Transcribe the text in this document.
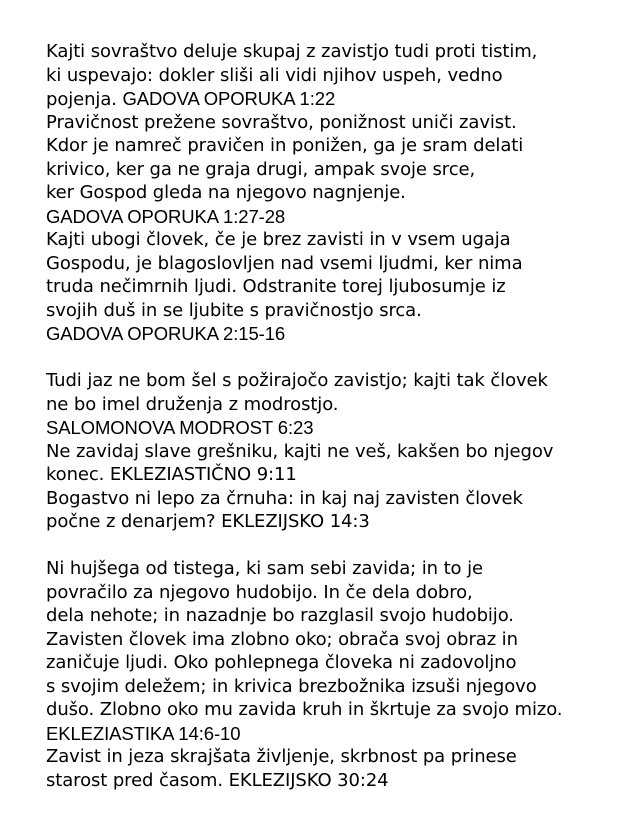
Kajti sovraštvo deluje skupaj z zavistjo tudi proti tistim,
ki uspevajo: dokler sliši ali vidi njihov uspeh, vedno
pojenja. GADOVA OPORUKA 1:22
Pravičnost prežene sovraštvo, ponižnost uniči zavist.
Kdor je namreč pravičen in ponižen, ga je sram delati
krivico, ker ga ne graja drugi, ampak svoje srce,
ker Gospod gleda na njegovo nagnjenje.
GADOVA OPORUKA 1:27-28
Kajti ubogi človek, če je brez zavisti in v vsem ugaja
Gospodu, je blagoslovljen nad vsemi ljudmi, ker nima
truda nečimrnih ljudi. Odstranite torej ljubosumje iz
svojih duš in se ljubite s pravičnostjo srca.
GADOVA OPORUKA 2:15-16
Tudi jaz ne bom šel s požirajočo zavistjo; kajti tak človek
ne bo imel druženja z modrostjo.
SALOMONOVA MODROST 6:23
Ne zavidaj slave grešniku, kajti ne veš, kakšen bo njegov
konec. EKLEZIASTIČNO 9:11
Bogastvo ni lepo za črnuha: in kaj naj zavisten človek
počne z denarjem? EKLEZIJSKO 14:3
Ni hujšega od tistega, ki sam sebi zavida; in to je
povračilo za njegovo hudobijo. In če dela dobro,
dela nehote; in nazadnje bo razglasil svojo hudobijo.
Zavisten človek ima zlobno oko; obrača svoj obraz in
zaničuje ljudi. Oko pohlepnega človeka ni zadovoljno
s svojim deležem; in krivica brezbožnika izsuši njegovo
dušo. Zlobno oko mu zavida kruh in škrtuje za svojo mizo.
EKLEZIASTIKA 14:6-10
Zavist in jeza skrajšata življenje, skrbnost pa prinese
starost pred časom. EKLEZIJSKO 30:24
